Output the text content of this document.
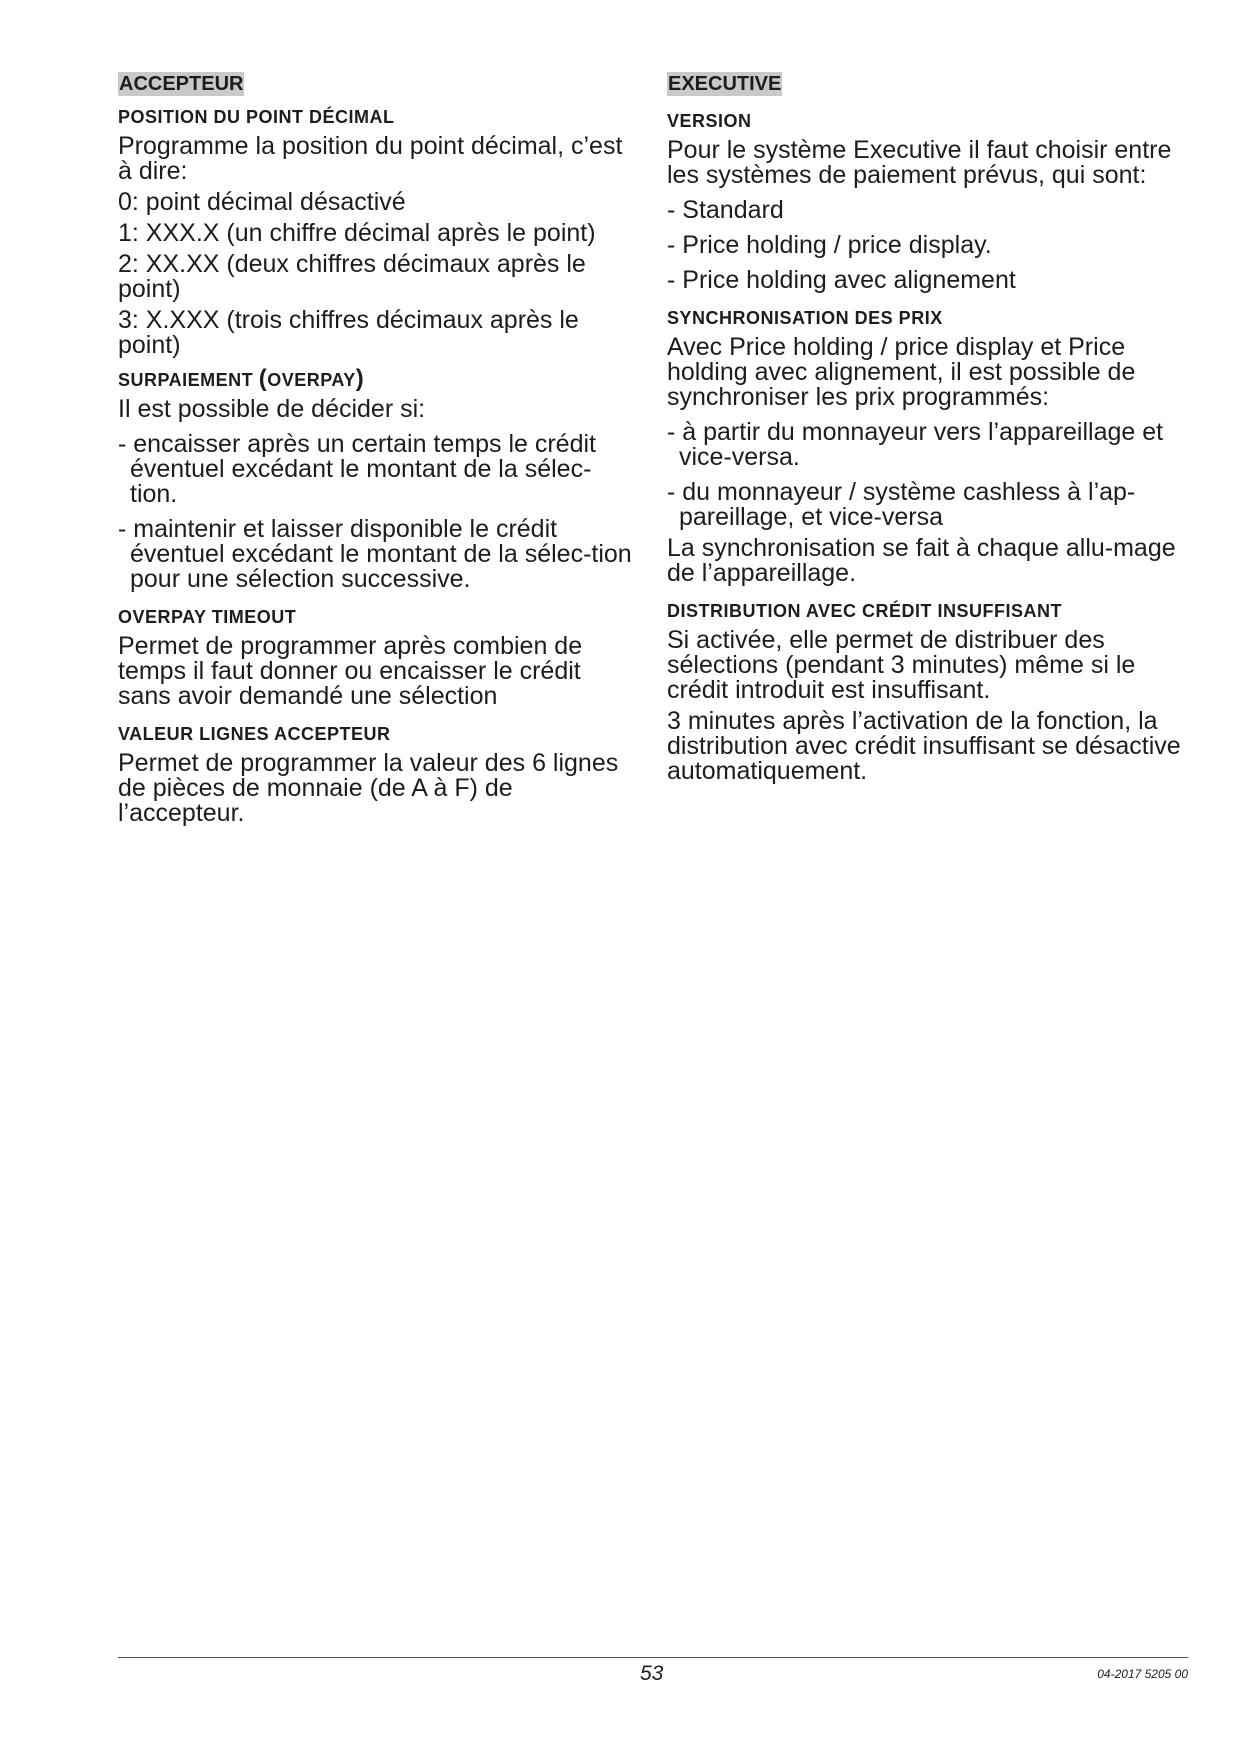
ACCEPTEUR

POSITION DU POINT DÉCIMAL

Programme la position du point décimal, c’est à dire:

0: point décimal désactivé

1: XXX.X (un chiffre décimal après le point)

2: XX.XX (deux chiffres décimaux après le point)

3: X.XXX (trois chiffres décimaux après le point)

SURPAIEMENT (OVERPAY)

Il est possible de décider si:

- encaisser après un certain temps le crédit éventuel excédant le montant de la sélec-tion.

- maintenir et laisser disponible le crédit éventuel excédant le montant de la sélec-tion pour une sélection successive.

OVERPAY TIMEOUT

Permet de programmer après combien de temps il faut donner ou encaisser le crédit sans avoir demandé une sélection

VALEUR LIGNES ACCEPTEUR

Permet de programmer la valeur des 6 lignes de pièces de monnaie (de A à F) de l’accepteur.

EXECUTIVE

VERSION

Pour le système Executive il faut choisir entre les systèmes de paiement prévus, qui sont:

- Standard

- Price holding / price display.

- Price holding avec alignement

SYNCHRONISATION DES PRIX

Avec Price holding / price display et Price holding avec alignement, il est possible de synchroniser les prix programmés:

- à partir du monnayeur vers l’appareillage et vice-versa.

- du monnayeur / système cashless à l’ap-pareillage, et vice-versa

La synchronisation se fait à chaque allu-mage de l’appareillage.

DISTRIBUTION AVEC CRÉDIT INSUFFISANT

Si activée, elle permet de distribuer des sélections (pendant 3 minutes) même si le crédit introduit est insuffisant.

3 minutes après l’activation de la fonction, la distribution avec crédit insuffisant se désactive automatiquement.

53	04-2017 5205 00
